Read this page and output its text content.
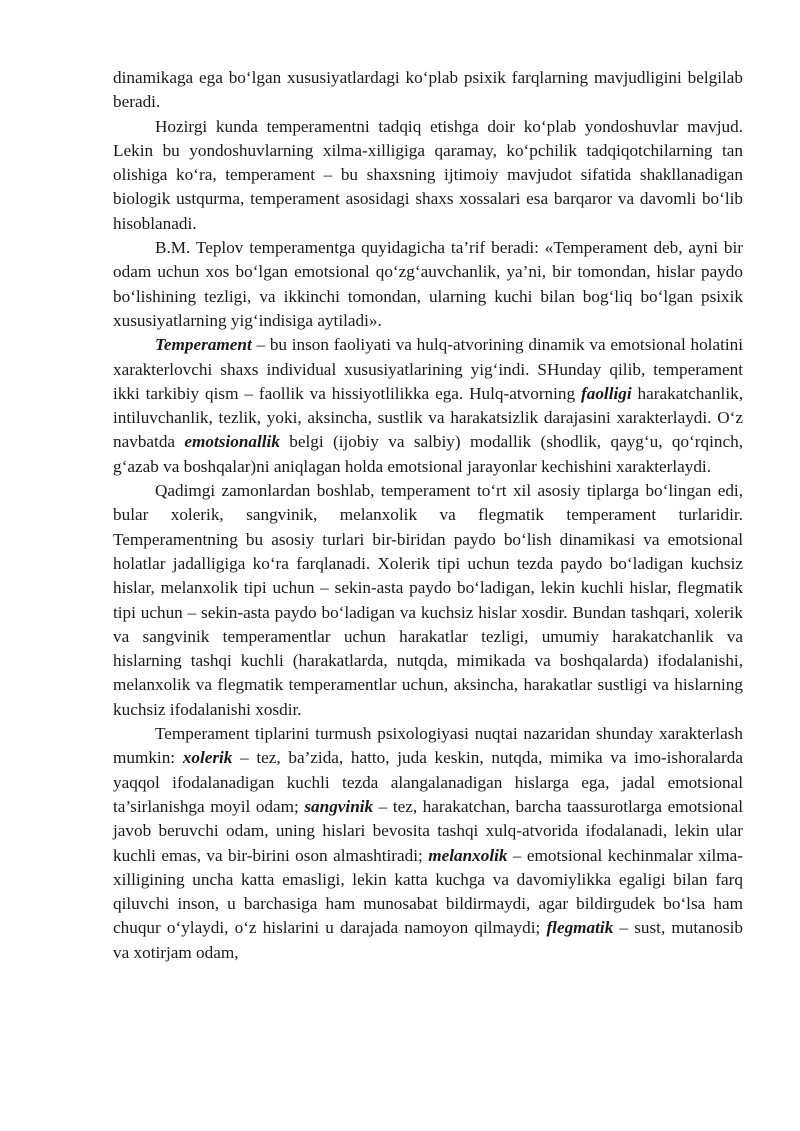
dinamikaga ega bo‘lgan xususiyatlardagi ko‘plab psixik farqlarning mavjudligini belgilab beradi.

Hozirgi kunda temperamentni tadqiq etishga doir ko‘plab yondoshuvlar mavjud. Lekin bu yondoshuvlarning xilma-xilligiga qaramay, ko‘pchilik tadqiqotchilarning tan olishiga ko‘ra, temperament – bu shaxsning ijtimoiy mavjudot sifatida shakllanadigan biologik ustqurma, temperament asosidagi shaxs xossalari esa barqaror va davomli bo‘lib hisoblanadi.

B.M. Teplov temperamentga quyidagicha ta’rif beradi: «Temperament deb, ayni bir odam uchun xos bo‘lgan emotsional qo‘zg‘auvchanlik, ya’ni, bir tomondan, hislar paydo bo‘lishining tezligi, va ikkinchi tomondan, ularning kuchi bilan bog‘liq bo‘lgan psixik xususiyatlarning yig‘indisiga aytiladi».

Temperament – bu inson faoliyati va hulq-atvorining dinamik va emotsional holatini xarakterlovchi shaxs individual xususiyatlarining yig‘indi. SHunday qilib, temperament ikki tarkibiy qism – faollik va hissiyotlilikka ega. Hulq-atvorning faolligi harakatchanlik, intiluvchanlik, tezlik, yoki, aksincha, sustlik va harakatsizlik darajasini xarakterlaydi. O‘z navbatda emotsionallik belgi (ijobiy va salbiy) modallik (shodlik, qayg‘u, qo‘rqinch, g‘azab va boshqalar)ni aniqlagan holda emotsional jarayonlar kechishini xarakterlaydi.

Qadimgi zamonlardan boshlab, temperament to‘rt xil asosiy tiplarga bo‘lingan edi, bular xolerik, sangvinik, melanxolik va flegmatik temperament turlaridir. Temperamentning bu asosiy turlari bir-biridan paydo bo‘lish dinamikasi va emotsional holatlar jadalligiga ko‘ra farqlanadi. Xolerik tipi uchun tezda paydo bo‘ladigan kuchsiz hislar, melanxolik tipi uchun – sekin-asta paydo bo‘ladigan, lekin kuchli hislar, flegmatik tipi uchun – sekin-asta paydo bo‘ladigan va kuchsiz hislar xosdir. Bundan tashqari, xolerik va sangvinik temperamentlar uchun harakatlar tezligi, umumiy harakatchanlik va hislarning tashqi kuchli (harakatlarda, nutqda, mimikada va boshqalarda) ifodalanishi, melanxolik va flegmatik temperamentlar uchun, aksincha, harakatlar sustligi va hislarning kuchsiz ifodalanishi xosdir.

Temperament tiplarini turmush psixologiyasi nuqtai nazaridan shunday xarakterlash mumkin: xolerik – tez, ba’zida, hatto, juda keskin, nutqda, mimika va imo-ishoralarda yaqqol ifodalanadigan kuchli tezda alangalanadigan hislarga ega, jadal emotsional ta’sirlanishga moyil odam; sangvinik – tez, harakatchan, barcha taassurotlarga emotsional javob beruvchi odam, uning hislari bevosita tashqi xulq-atvorida ifodalanadi, lekin ular kuchli emas, va bir-birini oson almashtiradi; melanxolik – emotsional kechinmalar xilma-xilligining uncha katta emasligi, lekin katta kuchga va davomiylikka egaligi bilan farq qiluvchi inson, u barchasiga ham munosabat bildirmaydi, agar bildirgudek bo‘lsa ham chuqur o‘ylaydi, o‘z hislarini u darajada namoyon qilmaydi; flegmatik – sust, mutanosib va xotirjam odam,
